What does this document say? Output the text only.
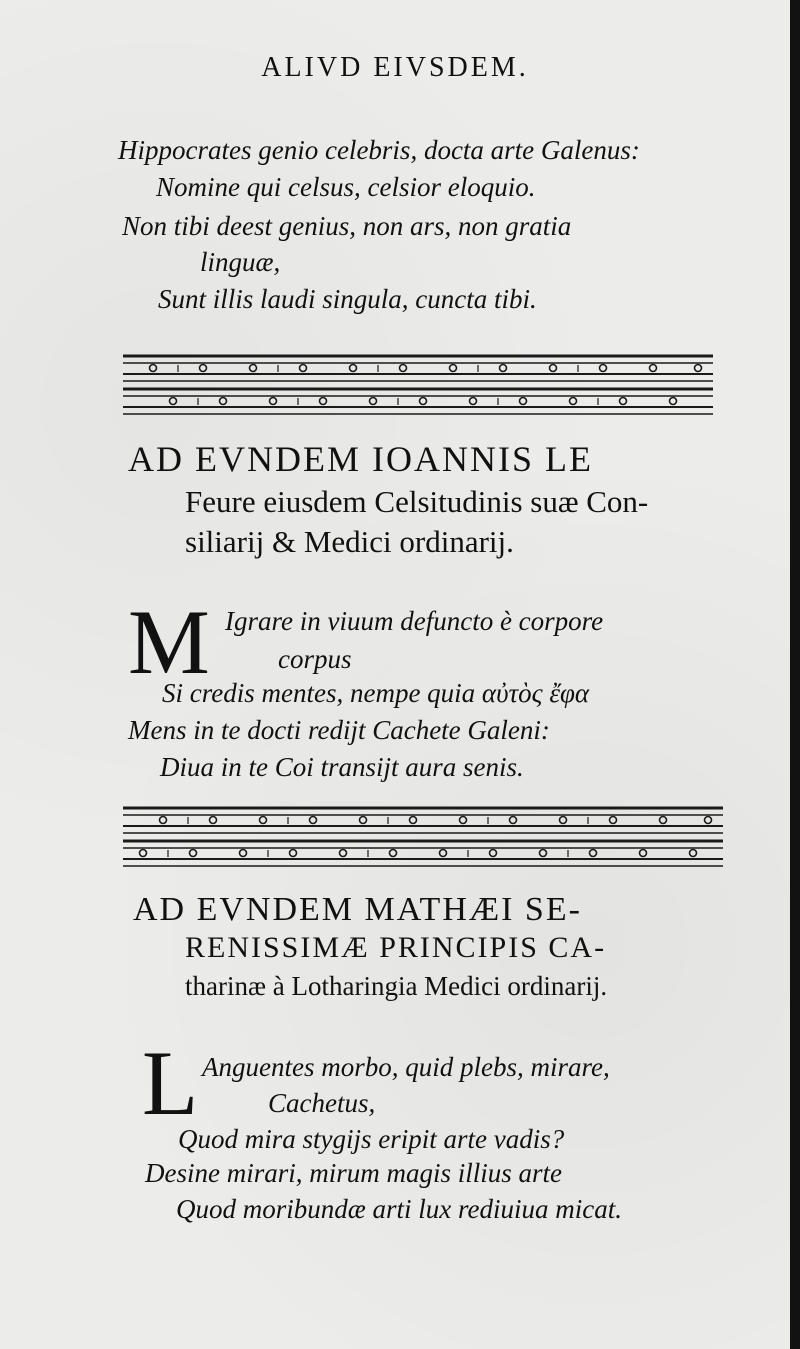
ALIVD EIVSDEM.
Hippocrates genio celebris, docta arte Galenus:
Nomine qui celsus, celsior eloquio.
Non tibi deest genius, non ars, non gratia
linguæ,
Sunt illis laudi singula, cuncta tibi.
AD EVNDEM IOANNIS LE
Feure eiusdem Celsitudinis suæ Con-
siliarij & Medici ordinarij.
M Igrare in viuum defuncto è corpore
corpus
Si credis mentes, nempe quia αὐτὸς ἔφα
Mens in te docti redijt Cachete Galeni:
Diua in te Coi transijt aura senis.
AD EVNDEM MATHÆI SE-
RENISSIMÆ PRINCIPIS CA-
tharinæ à Lotharingia Medici ordinarij.
L Anguentes morbo, quid plebs, mirare,
Cachetus,
Quod mira stygijs eripit arte vadis?
Desine mirari, mirum magis illius arte
Quod moribundæ arti lux rediuiua micat.
